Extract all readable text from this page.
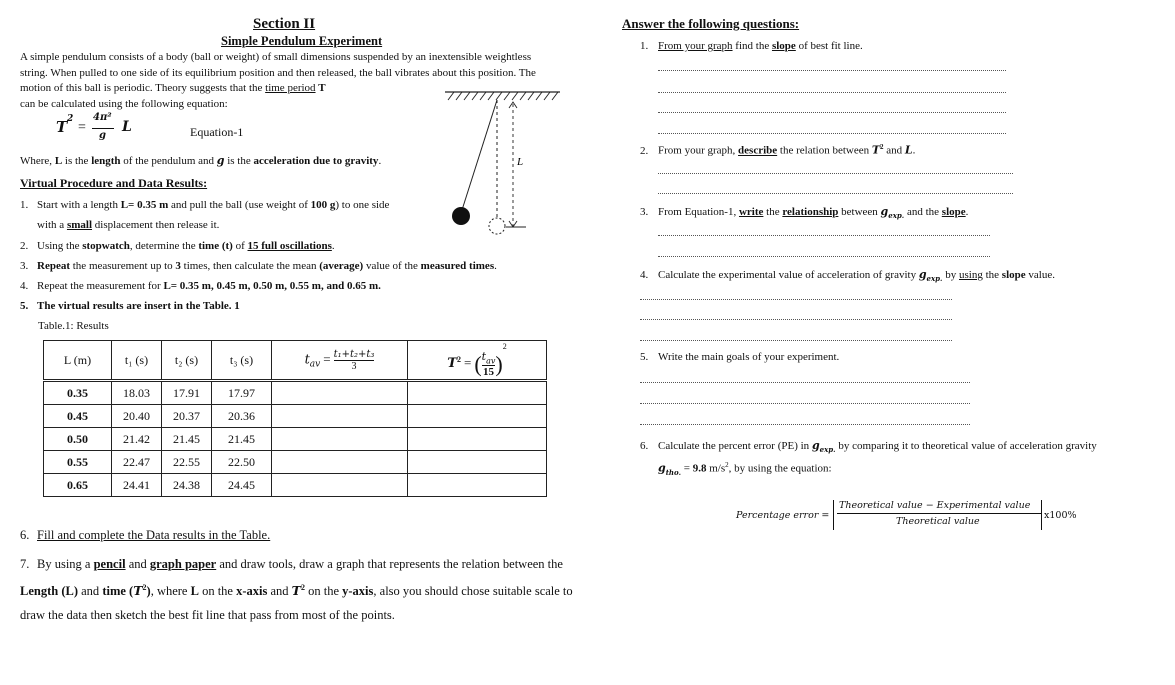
Section II
Simple Pendulum Experiment
A simple pendulum consists of a body (ball or weight) of small dimensions suspended by an inextensible weightless string. When pulled to one side of its equilibrium position and then released, the ball vibrates about this position. The motion of this ball is periodic. Theory suggests that the time period T
can be calculated using the following equation:
T 2
=
4π²
g
L	Equation-1
Where, L is the length of the pendulum and g is the acceleration due to gravity.
Virtual Procedure and Data Results:
L
1. Start with a length L= 0.35 m and pull the ball (use weight of 100 g) to one side
with a small displacement then release it.
2. Using the stopwatch, determine the time (t) of 15 full oscillations.
3. Repeat the measurement up to 3 times, then calculate the mean (average) value of the measured times.
4. Repeat the measurement for L= 0.35 m, 0.45 m, 0.50 m, 0.55 m, and 0.65 m.
5. The virtual results are insert in the Table. 1
Table.1: Results
L (m)	t₁ (s)	t₂ (s)	t₃ (s)	$t_{av} = \frac{\text{t₁+t₂+t₃}}{3}$	$T^2$ = ( $t_{av}$
15 )$^2$
0.35	18.03	17.91	17.97		
0.45	20.40	20.37	20.36		
0.50	21.42	21.45	21.45		
0.55	22.47	22.55	22.50		
0.65	24.41	24.38	24.45		
6. Fill and complete the Data results in the Table.
7. By using a pencil and graph paper and draw tools, draw a graph that represents the relation between the Length (L) and time $(T^2)$, where L on the x-axis and $T^2$ on the y-axis, also you should chose suitable scale to draw the data then sketch the best fit line that pass from most of the points.
Answer the following questions:
1. From your graph find the slope of best fit line.
2. From your graph, describe the relation between $T^2$ and L.
3. From Equation-1, write the relationship between $g_{exp.}$ and the slope.
4. Calculate the experimental value of acceleration of gravity $g_{exp.}$ by using the slope value.
5. Write the main goals of your experiment.
6. Calculate the percent error (PE) in $g_{exp.}$ by comparing it to theoretical value of acceleration gravity
$g_{tho.} = 9.8$ $m/s^2$, by using the equation:
Percentage error =
Theoretical value − Experimental value
Theoretical value
x100%
